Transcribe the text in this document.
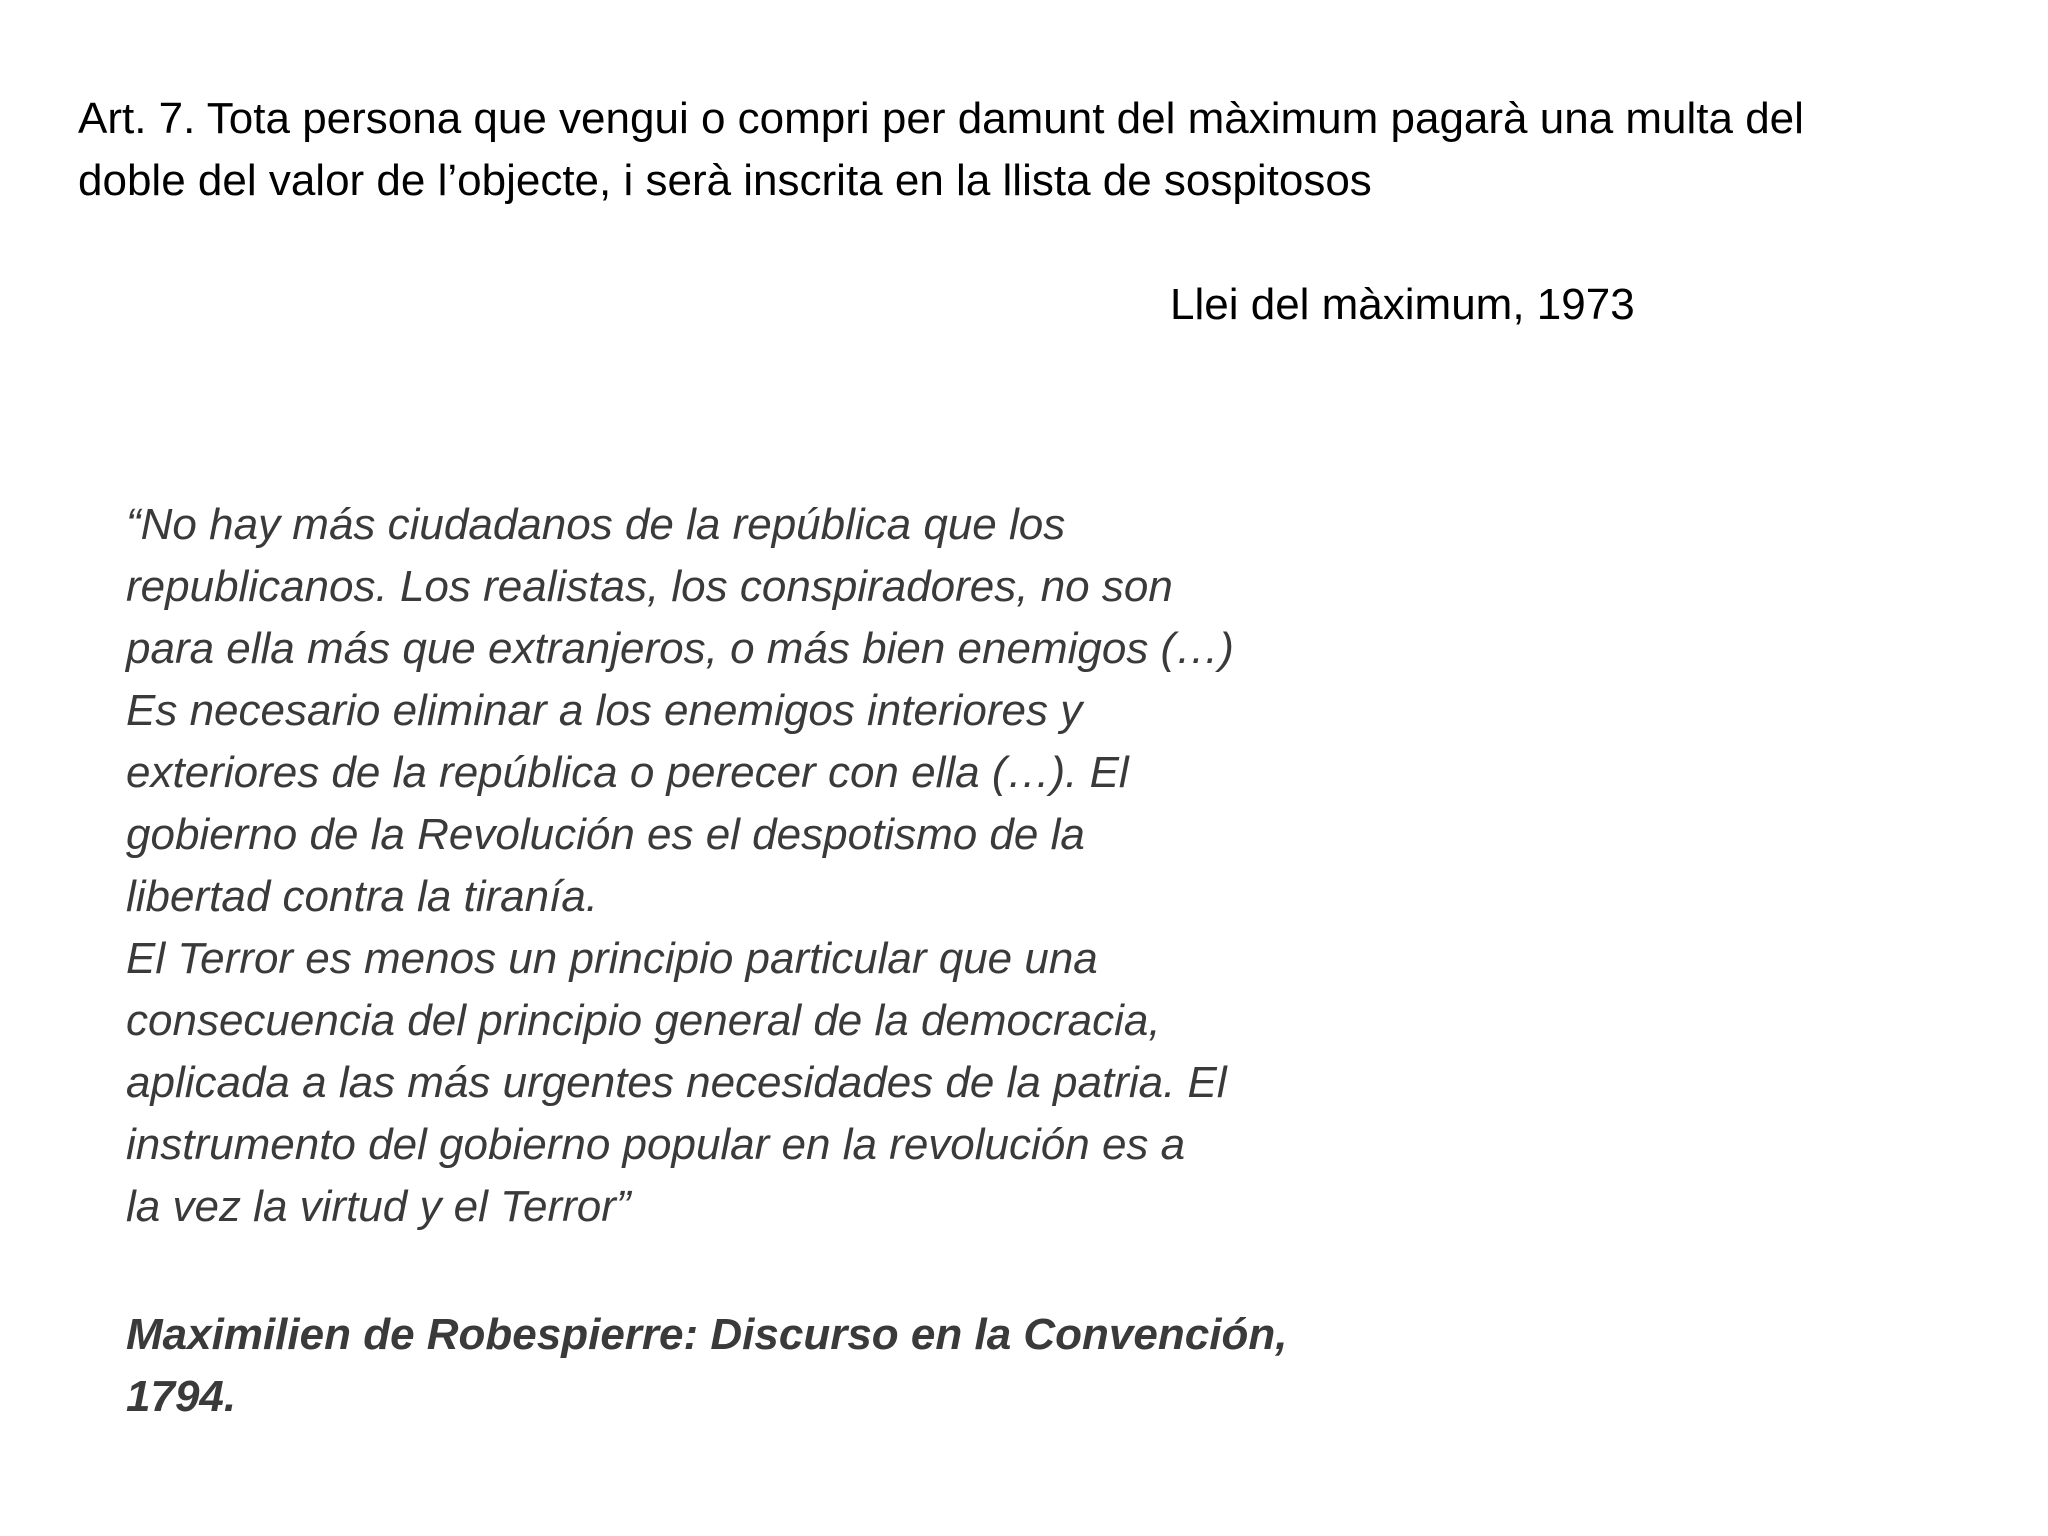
Art. 7. Tota persona que vengui o compri per damunt del màximum pagarà una multa del
doble del valor de l’objecte, i serà inscrita en la llista de sospitosos

Llei del màximum, 1973

“No hay más ciudadanos de la república que los
republicanos. Los realistas, los conspiradores, no son
para ella más que extranjeros, o más bien enemigos (…)
Es necesario eliminar a los enemigos interiores y
exteriores de la república o perecer con ella (…). El
gobierno de la Revolución es el despotismo de la
libertad contra la tiranía.
El Terror es menos un principio particular que una
consecuencia del principio general de la democracia,
aplicada a las más urgentes necesidades de la patria. El
instrumento del gobierno popular en la revolución es a
la vez la virtud y el Terror”

Maximilien de Robespierre: Discurso en la Convención,
1794.
